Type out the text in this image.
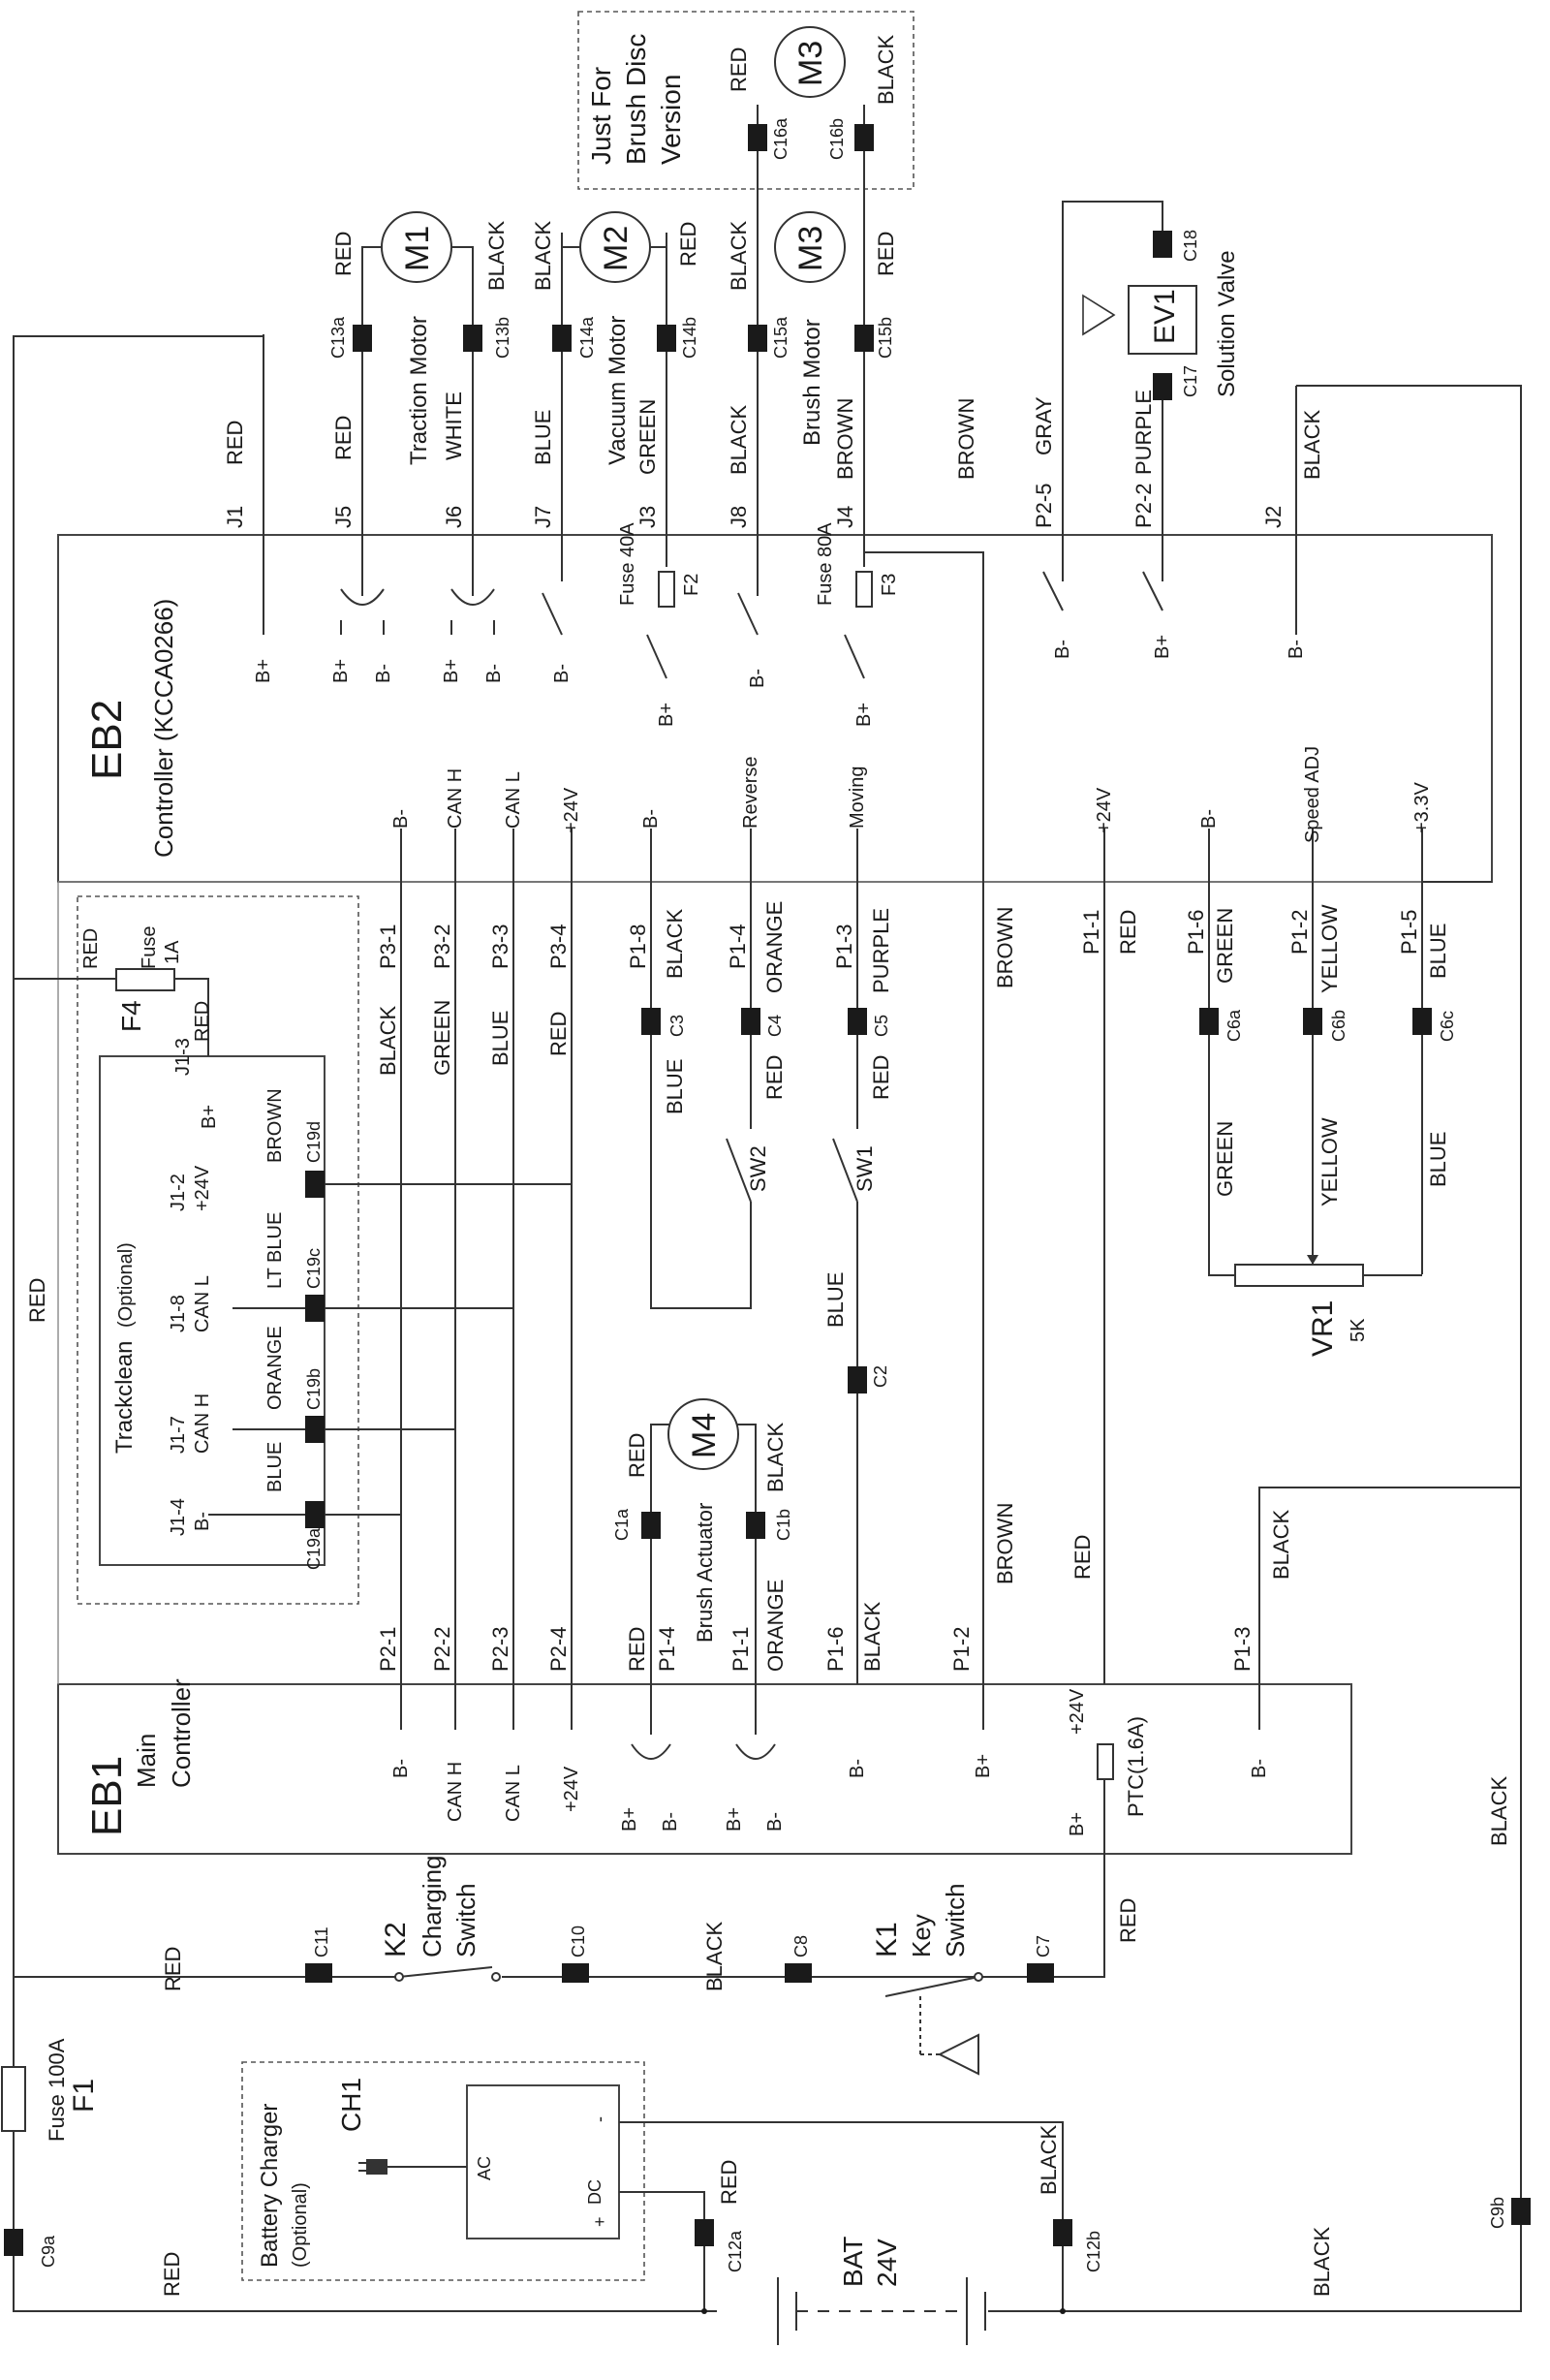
EB2 Controller (KCCA0266)
EB1 Main Controller
Trackclean
(Optional)
Just For Brush Disc Version
Battery Charger (Optional)
CH1
AC
DC
+
-
BAT 24V
M1
Traction Motor
M2
Vacuum Motor
M3
Brush Motor
M3
M4
Brush Actuator
EV1 Solution Valve
VR1 5K
K1 Key Switch
K2 Charging Switch
SW1
SW2
Fuse 100A F1
Fuse 40A F2	Fuse 80A F3
Fuse 1A
F4
PTC(1.6A)
C13a	C13b	C14a	C14b	C15a	C15b
C16a C16b
C17
C18
C3	C4	C5	C6a	C6b	C6c
C2
C1a	C1b
C19d
C19c
C19b
C19a
C11	C10	C8	C7
C9a
C9b
C12a	C12b
J1	J5	J6	J7	J3	J8	J4	P2-5	P2-2	J2
RED	RED	WHITE	BLUE	GREEN	BLACK	BROWN	BROWN	GRAY	PURPLE	BLACK
RED	BLACK BLACK	RED BLACK	RED
RED	BLACK
B+	B+ B- B+ B- B-
B+
B-
B+
B-	B+	B-
B- CAN H CAN L +24V	B-	Reverse	Moving	+24V	B-	Speed ADJ	+3.3V
P3-1 P3-2 P3-3 P3-4	P1-8	P1-4	P1-3	P1-1	P1-6	P1-2	P1-5
BLACK GREEN BLUE RED
BLACK	ORANGE	PURPLE	BROWN	RED	GREEN	YELLOW	BLUE
BLUE	RED	RED
BLUE
GREEN	YELLOW	BLUE
J1-3
RED
RED
B+
J1-2 +24V
BROWN
J1-8 CAN L
LT BLUE
J1-7 CAN H
ORANGE
J1-4 B-
BLUE
P2-1 P2-2 P2-3 P2-4	P1-4 P1-1	P1-6	P1-2	P1-3
RED	ORANGE	BLACK
BROWN	RED	BLACK
RED	BLACK
B- CAN H CAN L +24V
B+ B- B+ B-
B-	B+
+24V
B+
B-
RED
RED	BLACK
RED
BLACK
RED	BLACK
RED	BLACK
